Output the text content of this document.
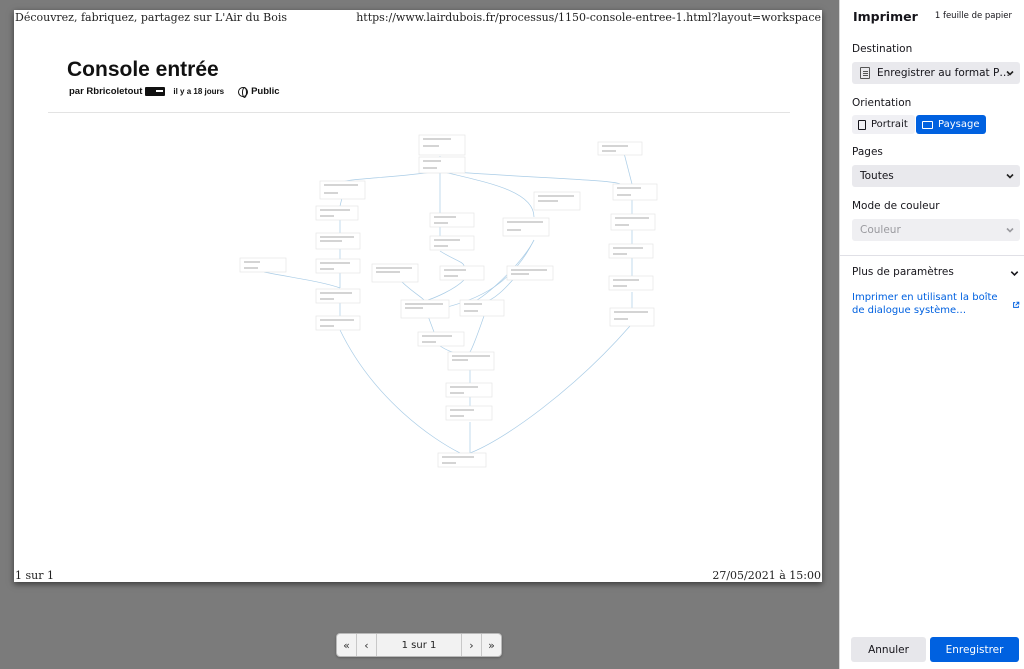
Découvrez, fabriquez, partagez sur L'Air du Bois	https://www.lairdubois.fr/processus/1150-console-entree-1.html?layout=workspace
Console entrée
par Rbricoletout	il y a 18 jours	Public
1 sur 1	27/05/2021 à 15:00
«	‹	1 sur 1	›	»
Imprimer 1 feuille de papier
Destination
Enregistrer au format P…
Orientation
Portrait	Paysage
Pages
Toutes
Mode de couleur
Couleur
Plus de paramètres
Imprimer en utilisant la boîte de dialogue système…
Annuler	Enregistrer
